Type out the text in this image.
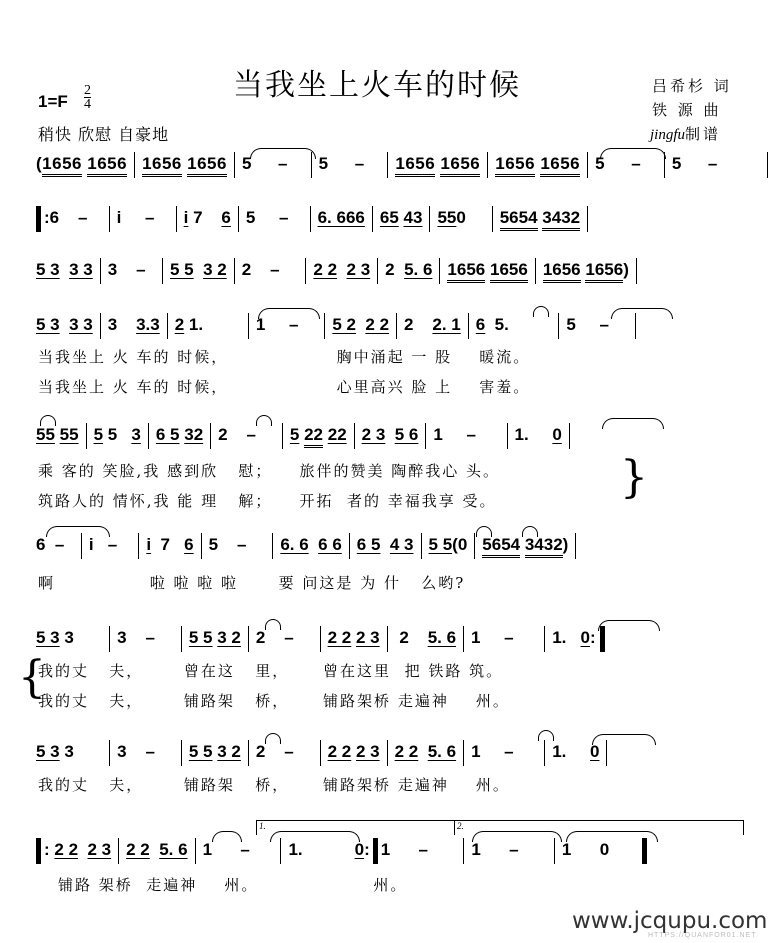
当我坐上火车的时候
1=F
2
4
稍快 欣慰 自豪地
吕希杉 词
铁 源 曲
jingfu制谱
(1656 1656 1656 1656 5     –   5     –   1656 1656 1656 1656 5     –   5     –
:6    –   i     –   i 7    6 5     –   6. 666 65 43 550    5654 3432
5 3 3 3 3    –  5 5 3 2 2    –    2 2 2 3 2  5. 6 1656 1656 1656 1656)
5 3 3 3 3    3.3 2 1.        1     –    5 2 2 2 2    2. 1 6  5.         5     –
当我坐上 火 车的 时候，                胸中涌起 一 股    暖流。
当我坐上 火 车的 时候，                心里高兴 脸 上    害羞。
55 55 5 5   3 6 5 32 2    –    5 22 22 2 3 5 6 1     –     1.     0
乘 客的 笑脸,我 感到欣   慰；    旅伴的赞美 陶醉我心 头。
筑路人的 情怀,我 能 理   解；    开拓  者的 幸福我享 受。	}
6  –  i   –   i  7   6 5    –    6. 6 6 6 6 5 4 3 5 5(0 5654 3432)
啊              啦 啦 啦 啦      要 问这是 为 什   么哟?
5 3 3      3    –    5 5 3 2 2    –    2 2 2 3 2    5. 6 1     –     1.   0:
{
我的丈   夫，      曾在这   里，     曾在这里  把 铁路 筑。
我的丈   夫，      铺路架   桥，     铺路架桥 走遍神    州。
5 3 3      3    –    5 5 3 2 2    –    2 2 2 3 2 2 5. 6 1     –     1.     0
我的丈   夫，      铺路架   桥，     铺路架桥 走遍神    州。
1.	2.
: 2 2 2 3 2 2 5. 6 1      –     1.           0: 1      –      1      –      1      0
铺路 架桥  走遍神    州。                 州。
www.jcqupu.com
HTTPS://QUANFOR01.NET
